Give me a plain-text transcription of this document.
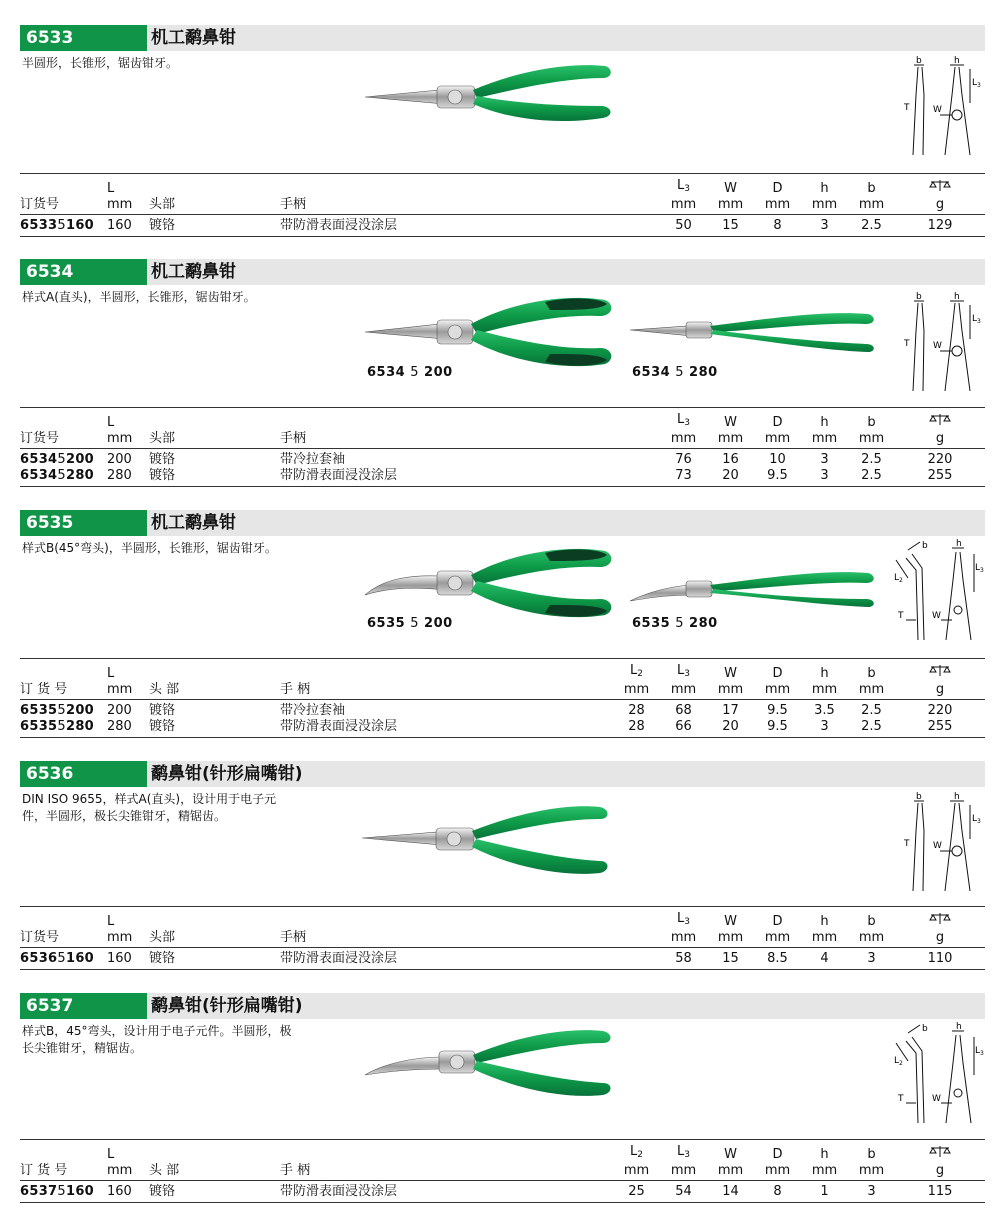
6533	机工鹬鼻钳
半圆形，长锥形，锯齿钳牙。	b	h
$L_3$
T	W
	L				$L_3$	W	D	h	b	
订货号	mm	头部	手柄		mm	mm	mm	mm	mm	g
65335160	160	镀铬	带防滑表面浸没涂层		50	15	8	3	2.5	129
6534	机工鹬鼻钳
样式A(直头)，半圆形，长锥形，锯齿钳牙。
6534 5 200	6534 5 280
b	h
$L_3$
T	W
	L				$L_3$	W	D	h	b	
订货号	mm	头部	手柄		mm	mm	mm	mm	mm	g
65345200	200	镀铬	带冷拉套袖		76	16	10	3	2.5	220
65345280	280	镀铬	带防滑表面浸没涂层		73	20	9.5	3	2.5	255
6535	机工鹬鼻钳
样式B(45°弯头)，半圆形，长锥形，锯齿钳牙。
6535 5 200	6535 5 280
b	h
$L_3$
$L_2$
T	W
	L				$L_2$	$L_3$	W	D	h	b	
订 货 号	mm	头 部	手 柄		mm	mm	mm	mm	mm	mm	g
65355200	200	镀铬	带冷拉套袖		28	68	17	9.5	3.5	2.5	220
65355280	280	镀铬	带防滑表面浸没涂层		28	66	20	9.5	3	2.5	255
6536	鹬鼻钳(针形扁嘴钳)
DIN ISO 9655，样式A(直头)，设计用于电子元件，半圆形，极长尖锥钳牙，精锯齿。
b	h
$L_3$
T	W
	L				$L_3$	W	D	h	b	
订货号	mm	头部	手柄		mm	mm	mm	mm	mm	g
65365160	160	镀铬	带防滑表面浸没涂层		58	15	8.5	4	3	110
6537	鹬鼻钳(针形扁嘴钳)
样式B，45°弯头，设计用于电子元件。半圆形，极长尖锥钳牙，精锯齿。
b	h
$L_3$
$L_2$
T	W
	L				$L_2$	$L_3$	W	D	h	b	
订 货 号	mm	头 部	手 柄		mm	mm	mm	mm	mm	mm	g
65375160	160	镀铬	带防滑表面浸没涂层		25	54	14	8	1	3	115
